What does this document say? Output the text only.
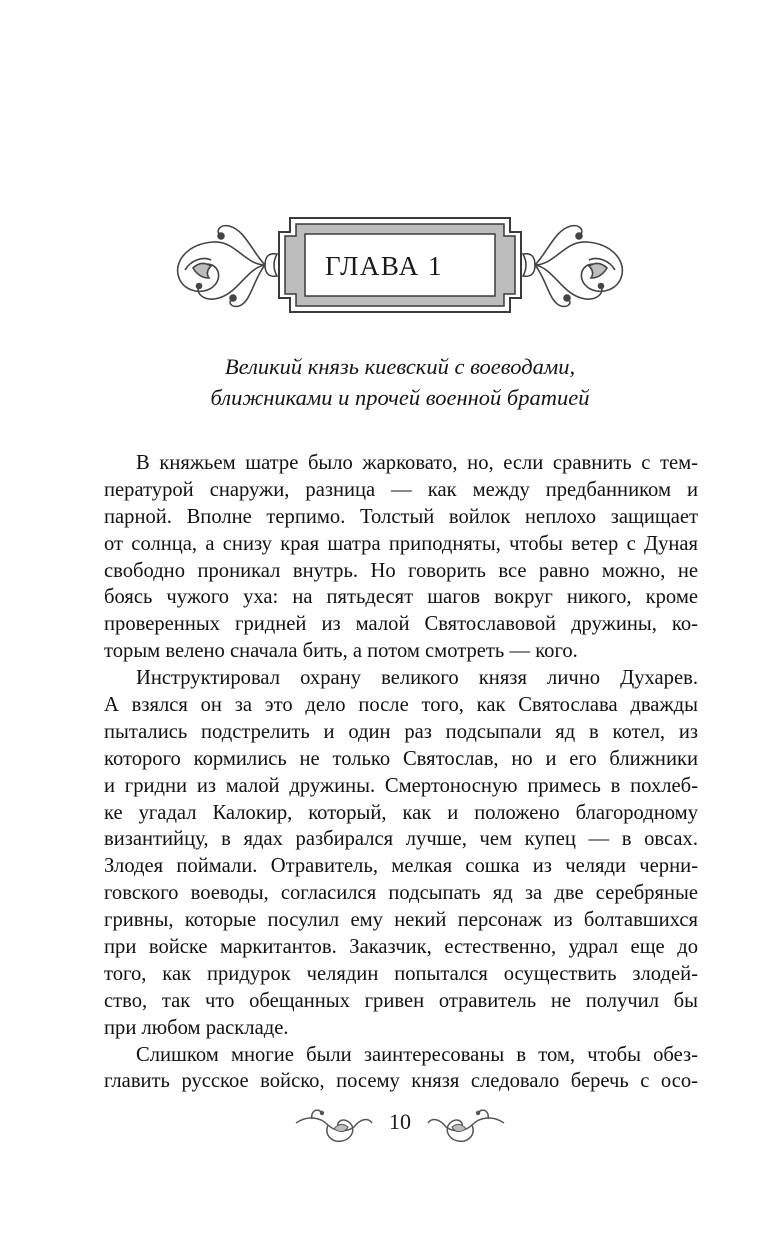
ГЛАВА 1
Великий князь киевский с воеводами,
ближниками и прочей военной братией
В княжьем шатре было жарковато, но, если сравнить с тем-
пературой снаружи, разница — как между предбанником и
парной. Вполне терпимо. Толстый войлок неплохо защищает
от солнца, а снизу края шатра приподняты, чтобы ветер с Дуная
свободно проникал внутрь. Но говорить все равно можно, не
боясь чужого уха: на пятьдесят шагов вокруг никого, кроме
проверенных гридней из малой Святославовой дружины, ко-
торым велено сначала бить, а потом смотреть — кого.
Инструктировал охрану великого князя лично Духарев.
А взялся он за это дело после того, как Святослава дважды
пытались подстрелить и один раз подсыпали яд в котел, из
которого кормились не только Святослав, но и его ближники
и гридни из малой дружины. Смертоносную примесь в похлеб-
ке угадал Калокир, который, как и положено благородному
византийцу, в ядах разбирался лучше, чем купец — в овсах.
Злодея поймали. Отравитель, мелкая сошка из челяди черни-
говского воеводы, согласился подсыпать яд за две серебряные
гривны, которые посулил ему некий персонаж из болтавшихся
при войске маркитантов. Заказчик, естественно, удрал еще до
того, как придурок челядин попытался осуществить злодей-
ство, так что обещанных гривен отравитель не получил бы
при любом раскладе.
Слишком многие были заинтересованы в том, чтобы обез-
главить русское войско, посему князя следовало беречь с осо-
10
